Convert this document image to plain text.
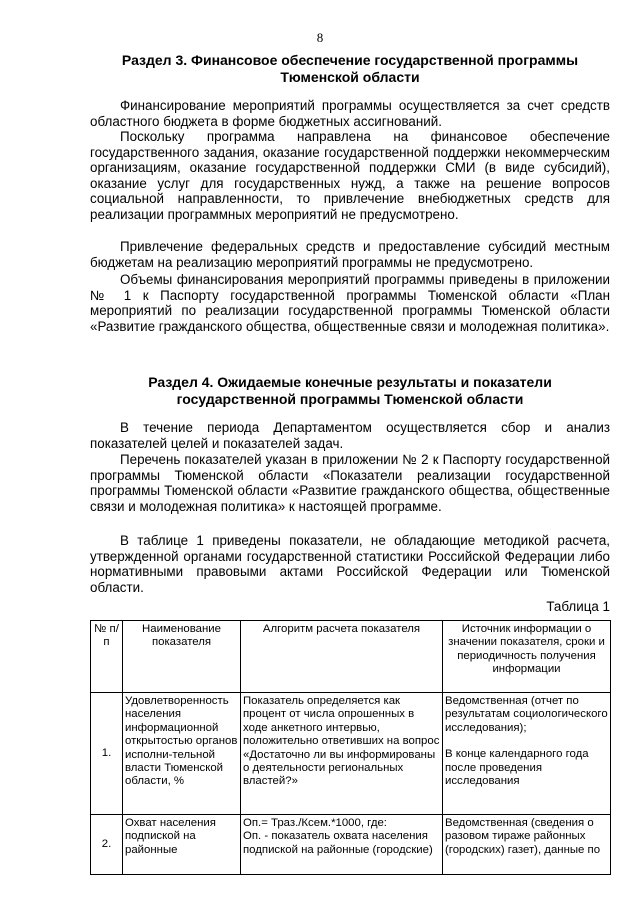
8
Раздел 3. Финансовое обеспечение государственной программы
Тюменской области

Финансирование мероприятий программы осуществляется за счет средств областного бюджета в форме бюджетных ассигнований.

Поскольку программа направлена на финансовое обеспечение государственного задания, оказание государственной поддержки некоммерческим организациям, оказание государственной поддержки СМИ (в виде субсидий), оказание услуг для государственных нужд, а также на решение вопросов социальной направленности, то привлечение внебюджетных средств для реализации программных мероприятий не предусмотрено.

Привлечение федеральных средств и предоставление субсидий местным бюджетам на реализацию мероприятий программы не предусмотрено.

Объемы финансирования мероприятий программы приведены в приложении № 1 к Паспорту государственной программы Тюменской области «План мероприятий по реализации государственной программы Тюменской области «Развитие гражданского общества, общественные связи и молодежная политика».

Раздел 4. Ожидаемые конечные результаты и показатели
государственной программы Тюменской области

В течение периода Департаментом осуществляется сбор и анализ показателей целей и показателей задач.

Перечень показателей указан в приложении № 2 к Паспорту государственной программы Тюменской области «Показатели реализации государственной программы Тюменской области «Развитие гражданского общества, общественные связи и молодежная политика» к настоящей программе.

В таблице 1 приведены показатели, не обладающие методикой расчета, утвержденной органами государственной статистики Российской Федерации либо нормативными правовыми актами Российской Федерации или Тюменской области.

Таблица 1
№ п/п	Наименование показателя	Алгоритм расчета показателя	Источник информации о значении показателя, сроки и периодичность получения информации
1.	Удовлетворенность населения информационной открытостью органов исполни-тельной власти Тюменской области, %	Показатель определяется как процент от числа опрошенных в ходе анкетного интервью, положительно ответивших на вопрос «Достаточно ли вы информированы о деятельности региональных властей?»	Ведомственная (отчет по результатам социологического исследования);
В конце календарного года после проведения исследования

2.	Охват населения подпиской на районные	Оп.= Траз./Ксем.*1000, где:
Оп. - показатель охвата населения подпиской на районные (городские)	Ведомственная (сведения о разовом тираже районных (городских) газет), данные по
